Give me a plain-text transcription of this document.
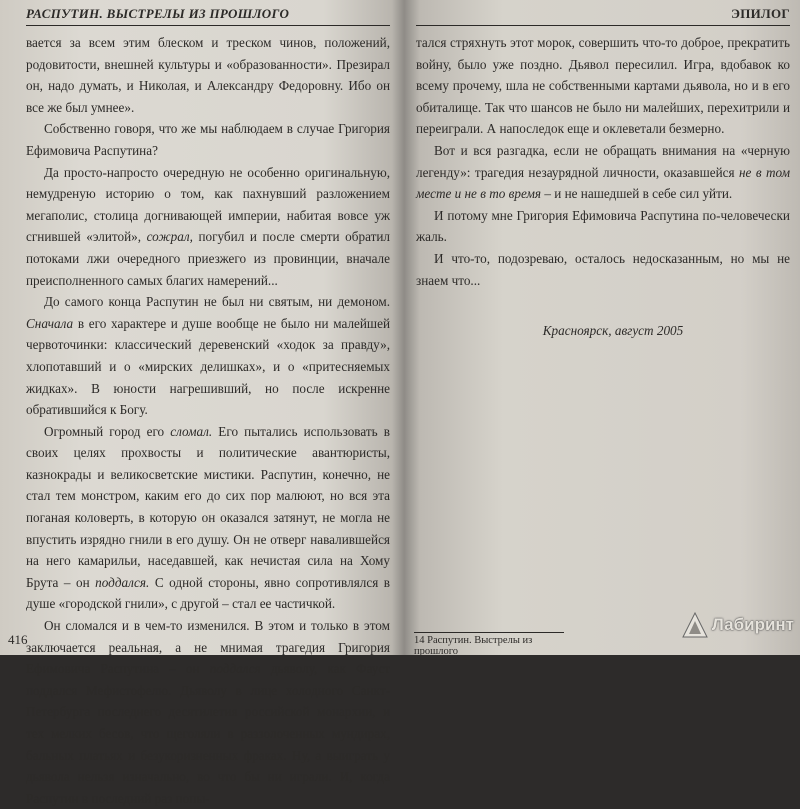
РАСПУТИН. ВЫСТРЕЛЫ ИЗ ПРОШЛОГО

вается за всем этим блеском и треском чинов, положений, родовитости, внешней культуры и «образованности». Презирал он, надо думать, и Николая, и Александру Федоровну. Ибо он все же был умнее».

Собственно говоря, что же мы наблюдаем в случае Григория Ефимовича Распутина?

Да просто-напросто очередную не особенно оригинальную, немудреную историю о том, как пахнувший разложением мегаполис, столица догнивающей империи, набитая вовсе уж сгнившей «элитой», сожрал, погубил и после смерти обратил потоками лжи очередного приезжего из провинции, вначале преисполненного самых благих намерений...

До самого конца Распутин не был ни святым, ни демоном. Сначала в его характере и душе вообще не было ни малейшей червоточинки: классический деревенский «ходок за правду», хлопотавший и о «мирских делишках», и о «притесняемых жидках». В юности нагрешивший, но после искренне обратившийся к Богу.

Огромный город его сломал. Его пытались использовать в своих целях прохвосты и политические авантюристы, казнокрады и великосветские мистики. Распутин, конечно, не стал тем монстром, каким его до сих пор малюют, но вся эта поганая коловерть, в которую он оказался затянут, не могла не впустить изрядно гнили в его душу. Он не отверг навалившейся на него камарильи, наседавшей, как нечистая сила на Хому Брута – он поддался. С одной стороны, явно сопротивлялся в душе «городской гнили», с другой – стал ее частичкой.

Он сломался и в чем-то изменился. В этом и только в этом заключается реальная, а не мнимая трагедия Григория Ефимовича Распутина – он поддался дьяволу, как Фауст поддался Мефистофелю. Дьяволу в лице холодного Санкт-Петербурга последнего десятилетия российской монархии, и тех мелких бесов, что щеголяли в раззолоченных мундирах, бальных платьях и безукоризненных фраках. Ну, а выиграть у дьявола нельзя изначально, во что бы ни играли. И, когда Распутин в последний раз попы-

416
ЭПИЛОГ

тался стряхнуть этот морок, совершить что-то доброе, прекратить войну, было уже поздно. Дьявол пересилил. Игра, вдобавок ко всему прочему, шла не собственными картами дьявола, но и в его обиталище. Так что шансов не было ни малейших, перехитрили и переиграли. А напоследок еще и оклеветали безмерно.

Вот и вся разгадка, если не обращать внимания на «черную легенду»: трагедия незаурядной личности, оказавшейся не в том месте и не в то время – и не нашедшей в себе сил уйти.

И потому мне Григория Ефимовича Распутина по-человечески жаль.

И что-то, подозреваю, осталось недосказанным, но мы не знаем что...

Красноярск, август 2005
14 Распутин. Выстрелы из прошлого
Лабиринт
